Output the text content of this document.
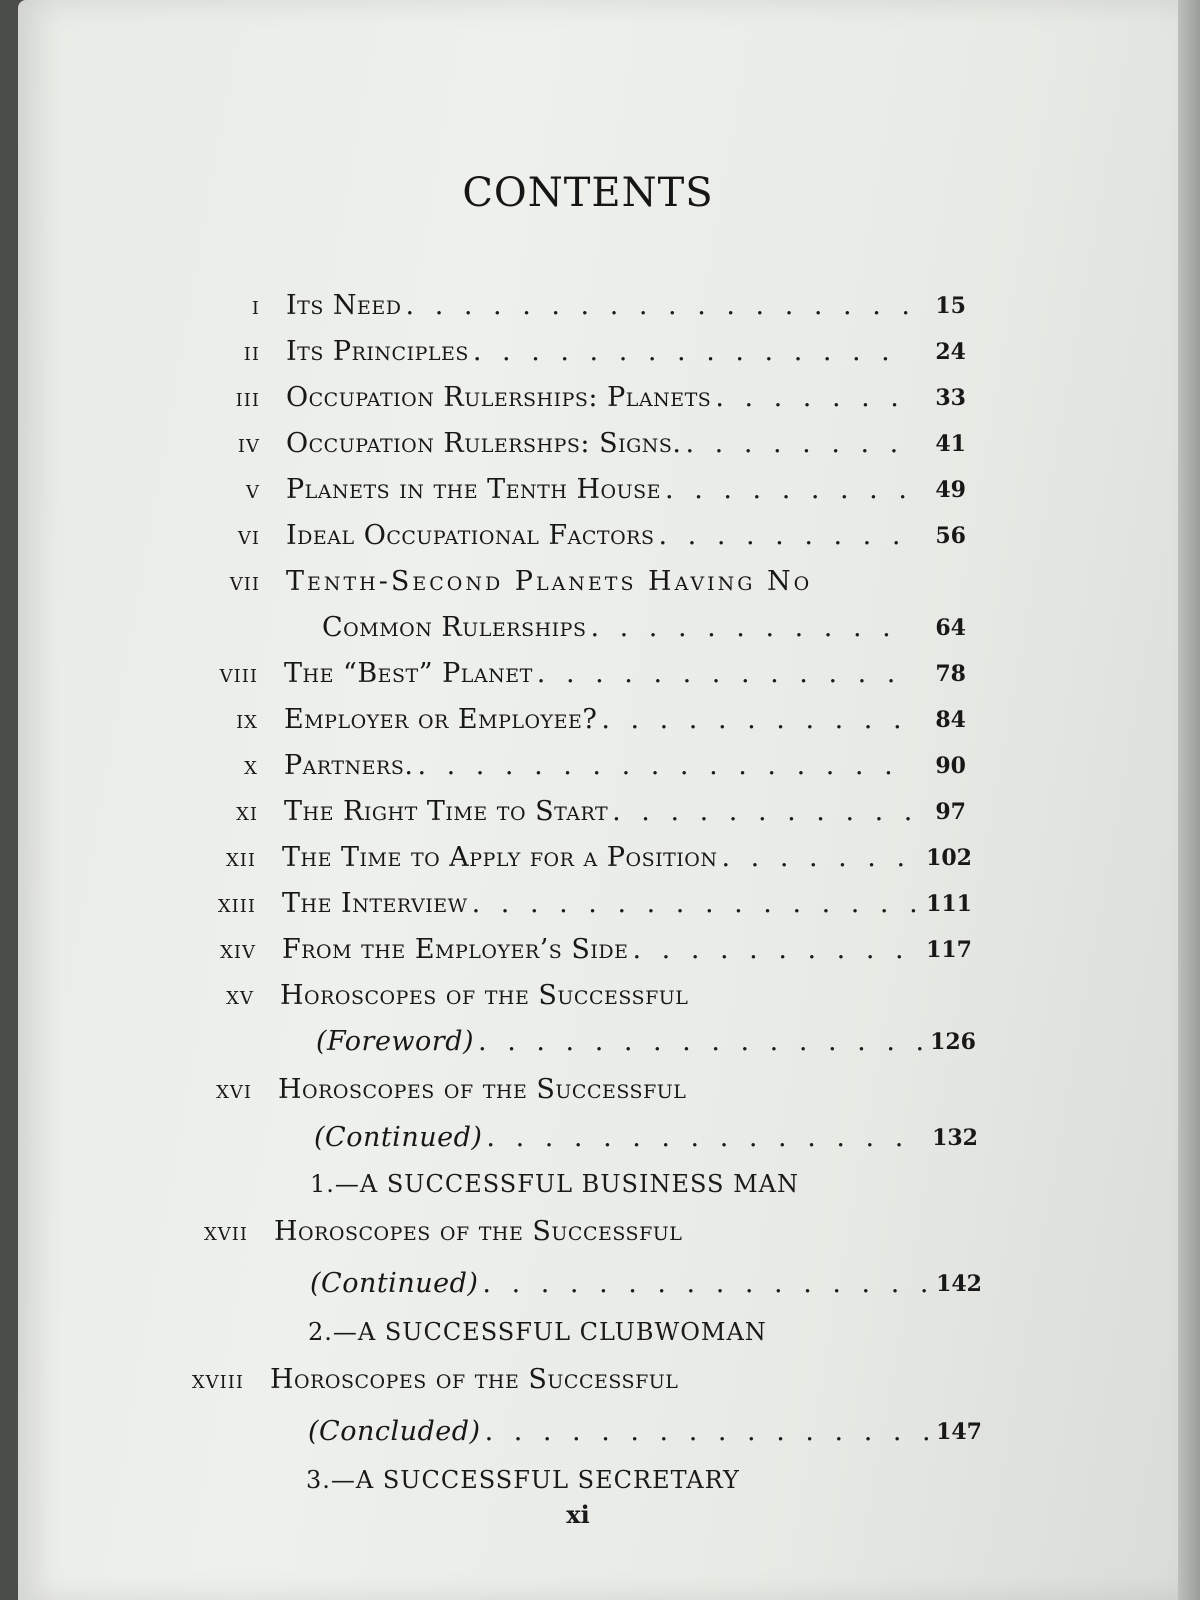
CONTENTS
i Its Need . . .	15
ii Its Principles . . .	24
iii Occupation Rulerships: Planets . . .	33
iv Occupation Rulershps: Signs. . . .	41
v Planets in the Tenth House . . .	49
vi Ideal Occupational Factors . . .	56
vii Tenth-Second Planets Having No
Common Rulerships . . .	64
viii The “Best” Planet . . .	78
ix Employer or Employee? . . .	84
x Partners. . . .	90
xi The Right Time to Start . . .	97
xii The Time to Apply for a Position . . .	102
xiii The Interview . . .	111
xiv From the Employer’s Side . . .	117
xv Horoscopes of the Successful
(Foreword) . . .	126
xvi Horoscopes of the Successful
(Continued) . . .	132
1.—A SUCCESSFUL BUSINESS MAN
xvii Horoscopes of the Successful
(Continued) . . .	142
2.—A SUCCESSFUL CLUBWOMAN
xviii Horoscopes of the Successful
(Concluded) . . .	147
3.—A SUCCESSFUL SECRETARY
xi
